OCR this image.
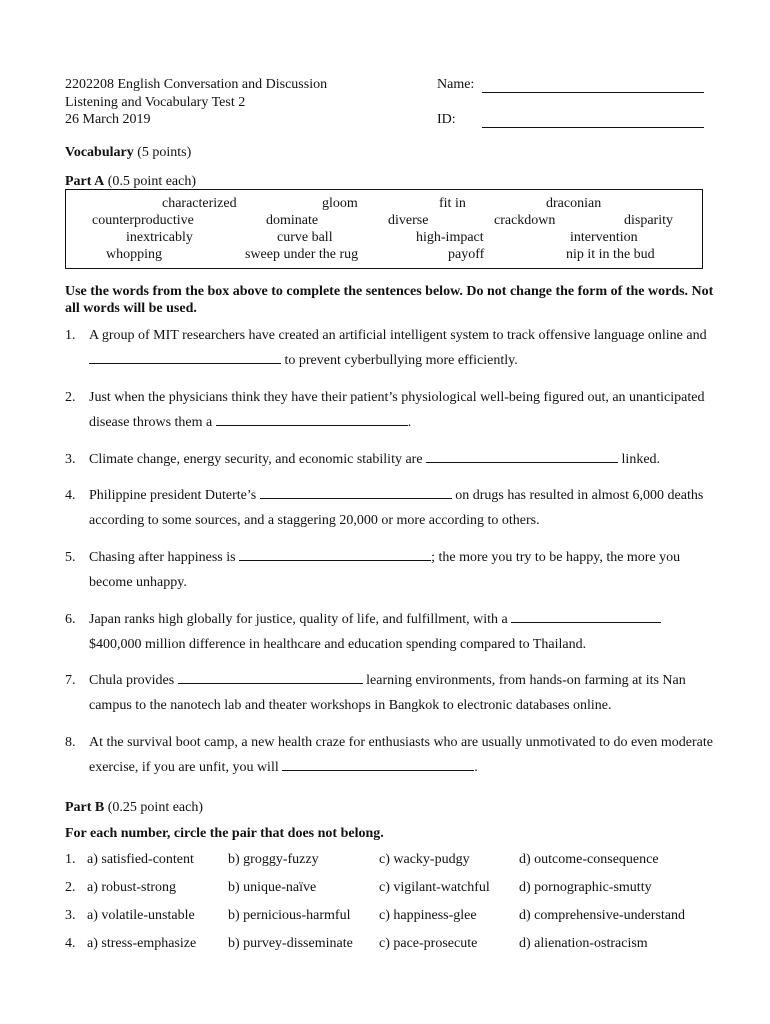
2202208 English Conversation and Discussion
Listening and Vocabulary Test 2
26 March 2019
Name:
ID:
Vocabulary (5 points)
Part A (0.5 point each)
characterized	gloom	fit in	draconian
counterproductive	dominate	diverse	crackdown	disparity
inextricably	curve ball	high-impact	intervention
whopping	sweep under the rug	payoff	nip it in the bud
Use the words from the box above to complete the sentences below. Do not change the form of the words. Not all words will be used.
1. A group of MIT researchers have created an artificial intelligent system to track offensive language online and  to prevent cyberbullying more efficiently.
2. Just when the physicians think they have their patient’s physiological well-being figured out, an unanticipated disease throws them a	.
3. Climate change, energy security, and economic stability are	linked.
4. Philippine president Duterte’s	on drugs has resulted in almost 6,000 deaths according to some sources, and a staggering 20,000 or more according to others.
5. Chasing after happiness is	; the more you try to be happy, the more you become unhappy.
6. Japan ranks high globally for justice, quality of life, and fulfillment, with a  $400,000 million difference in healthcare and education spending compared to Thailand.
7. Chula provides	learning environments, from hands-on farming at its Nan campus to the nanotech lab and theater workshops in Bangkok to electronic databases online.
8. At the survival boot camp, a new health craze for enthusiasts who are usually unmotivated to do even moderate exercise, if you are unfit, you will	.
Part B (0.25 point each)
For each number, circle the pair that does not belong.
1. a) satisfied-content b) groggy-fuzzy	c) wacky-pudgy	d) outcome-consequence
2. a) robust-strong	b) unique-naïve	c) vigilant-watchful d) pornographic-smutty
3. a) volatile-unstable b) pernicious-harmful c) happiness-glee	d) comprehensive-understand
4. a) stress-emphasize b) purvey-disseminate c) pace-prosecute	d) alienation-ostracism
